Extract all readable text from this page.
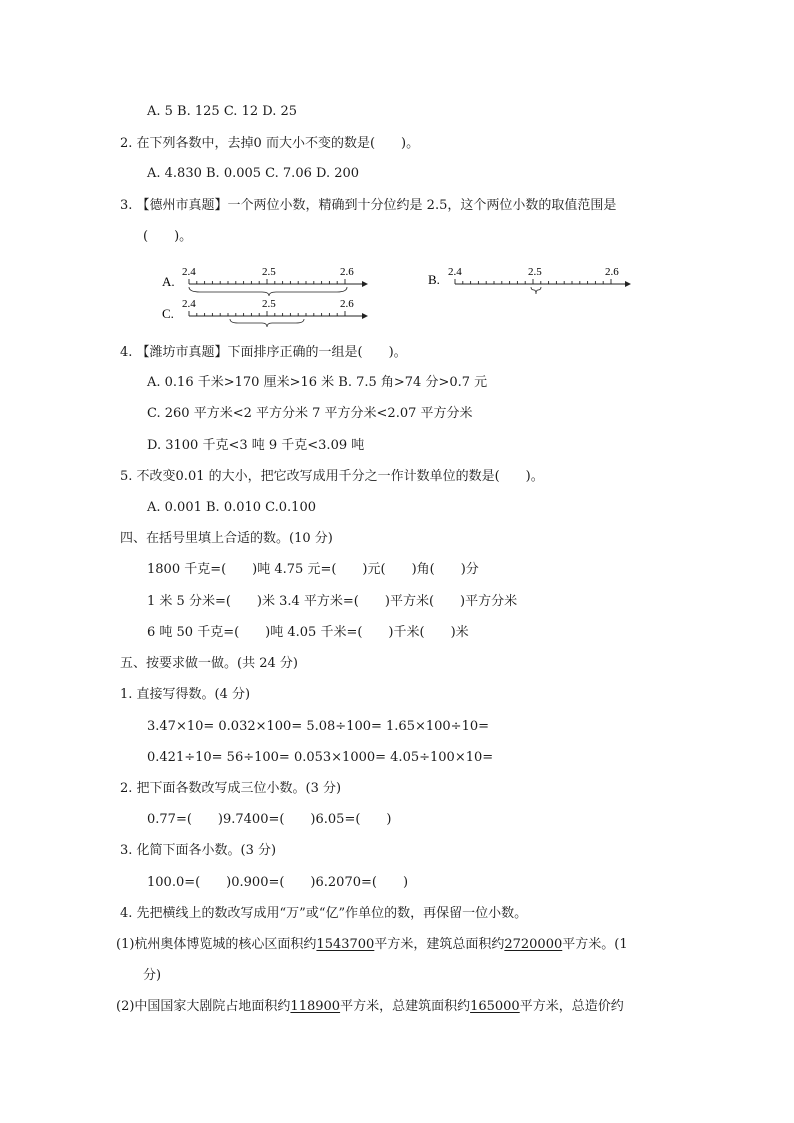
A. 5 B. 125 C. 12 D. 25
2. 在下列各数中，去掉0 而大小不变的数是(　　)。
A. 4.830 B. 0.005 C. 7.06 D. 200
3. 【德州市真题】一个两位小数，精确到十分位约是 2.5，这个两位小数的取值范围是
(　　)。
A.
2.4	2.5	2.6	B. 2.4	2.5	2.6
C.
2.4	2.5	2.6
4. 【潍坊市真题】下面排序正确的一组是(　　)。
A. 0.16 千米>170 厘米>16 米 B. 7.5 角>74 分>0.7 元
C. 260 平方米<2 平方分米 7 平方分米<2.07 平方分米
D. 3100 千克<3 吨 9 千克<3.09 吨
5. 不改变0.01 的大小，把它改写成用千分之一作计数单位的数是(　　)。
A. 0.001 B. 0.010 C.0.100
四、在括号里填上合适的数。(10 分)
1800 千克=(　　)吨 4.75 元=(　　)元(　　)角(　　)分
1 米 5 分米=(　　)米 3.4 平方米=(　　)平方米(　　)平方分米
6 吨 50 千克=(　　)吨 4.05 千米=(　　)千米(　　)米
五、按要求做一做。(共 24 分)
1. 直接写得数。(4 分)
3.47×10= 0.032×100= 5.08÷100= 1.65×100÷10=
0.421÷10= 56÷100= 0.053×1000= 4.05÷100×10=
2. 把下面各数改写成三位小数。(3 分)
0.77=(　　)9.7400=(　　)6.05=(　　)
3. 化简下面各小数。(3 分)
100.0=(　　)0.900=(　　)6.2070=(　　)
4. 先把横线上的数改写成用“万”或“亿”作单位的数，再保留一位小数。
(1)杭州奥体博览城的核心区面积约1543700平方米，建筑总面积约2720000平方米。(1
分)
(2)中国国家大剧院占地面积约118900平方米，总建筑面积约165000平方米，总造价约
